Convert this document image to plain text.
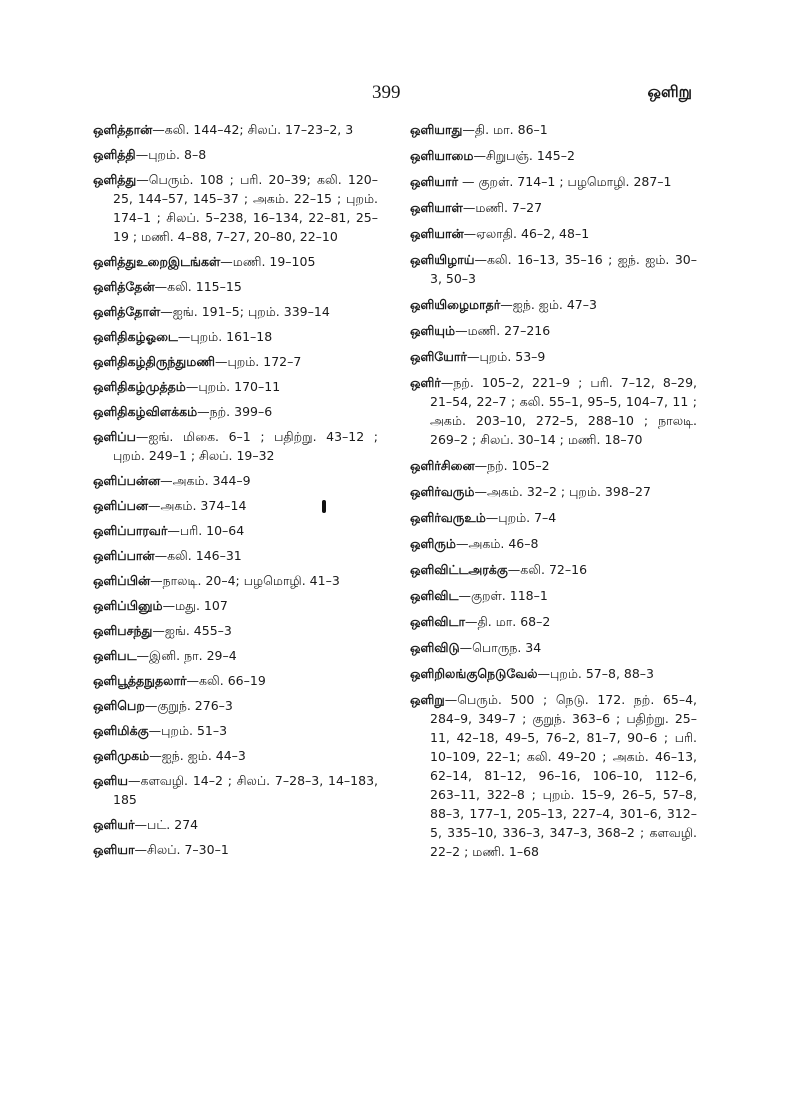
399	ஒளிறு
ஒளித்தான்—கலி. 144–42; சிலப். 17–23–2, 3
ஒளித்தி—புறம். 8–8
ஒளித்து—பெரும். 108 ; பரி. 20–39; கலி. 120–25, 144–57, 145–37 ; அகம். 22–15 ; புறம். 174–1 ; சிலப். 5–238, 16–134, 22–81, 25–19 ; மணி. 4–88, 7–27, 20–80, 22–10
ஒளித்துஉறைஇடங்கள்—மணி. 19–105
ஒளித்தேன்—கலி. 115–15
ஒளித்தோள்—ஐங். 191–5; புறம். 339–14
ஒளிதிகழ்ஓடை—புறம். 161–18
ஒளிதிகழ்திருந்துமணி—புறம். 172–7
ஒளிதிகழ்முத்தம்—புறம். 170–11
ஒளிதிகழ்விளக்கம்—நற். 399–6
ஒளிப்ப—ஐங். மிகை. 6–1 ; பதிற்று. 43–12 ; புறம். 249–1 ; சிலப். 19–32
ஒளிப்பன்ன—அகம். 344–9
ஒளிப்பன—அகம். 374–14
ஒளிப்பாரவர்—பரி. 10–64
ஒளிப்பான்—கலி. 146–31
ஒளிப்பின்—நாலடி. 20–4; பழமொழி. 41–3
ஒளிப்பினும்—மது. 107
ஒளிபசந்து—ஐங். 455–3
ஒளிபட—இனி. நா. 29–4
ஒளிபூத்தநுதலார்—கலி. 66–19
ஒளிபெற—குறுந். 276–3
ஒளிமிக்கு—புறம். 51–3
ஒளிமுகம்—ஐந். ஐம். 44–3
ஒளிய—களவழி. 14–2 ; சிலப். 7–28–3, 14–183, 185
ஒளியர்—பட். 274
ஒளியா—சிலப். 7–30–1
ஒளியாது—தி. மா. 86–1
ஒளியாமை—சிறுபஞ். 145–2
ஒளியார் — குறள். 714–1 ; பழமொழி. 287–1
ஒளியாள்—மணி. 7–27
ஒளியான்—ஏலாதி. 46–2, 48–1
ஒளியிழாய்—கலி. 16–13, 35–16 ; ஐந். ஐம். 30–3, 50–3
ஒளியிழைமாதர்—ஐந். ஐம். 47–3
ஒளியும்—மணி. 27–216
ஒளியோர்—புறம். 53–9
ஒளிர்—நற். 105–2, 221–9 ; பரி. 7–12, 8–29, 21–54, 22–7 ; கலி. 55–1, 95–5, 104–7, 11 ; அகம். 203–10, 272–5, 288–10 ; நாலடி. 269–2 ; சிலப். 30–14 ; மணி. 18–70
ஒளிர்சினை—நற். 105–2
ஒளிர்வரும்—அகம். 32–2 ; புறம். 398–27
ஒளிர்வருஉம்—புறம். 7–4
ஒளிரும்—அகம். 46–8
ஒளிவிட்டஅரக்கு—கலி. 72–16
ஒளிவிட—குறள். 118–1
ஒளிவிடா—தி. மா. 68–2
ஒளிவிடு—பொருந. 34
ஒளிறிலங்குநெடுவேல்—புறம். 57–8, 88–3
ஒளிறு—பெரும். 500 ; நெடு. 172. நற். 65–4, 284–9, 349–7 ; குறுந். 363–6 ; பதிற்று. 25–11, 42–18, 49–5, 76–2, 81–7, 90–6 ; பரி. 10–109, 22–1; கலி. 49–20 ; அகம். 46–13, 62–14, 81–12, 96–16, 106–10, 112–6, 263–11, 322–8 ; புறம். 15–9, 26–5, 57–8, 88–3, 177–1, 205–13, 227–4, 301–6, 312–5, 335–10, 336–3, 347–3, 368–2 ; களவழி. 22–2 ; மணி. 1–68
